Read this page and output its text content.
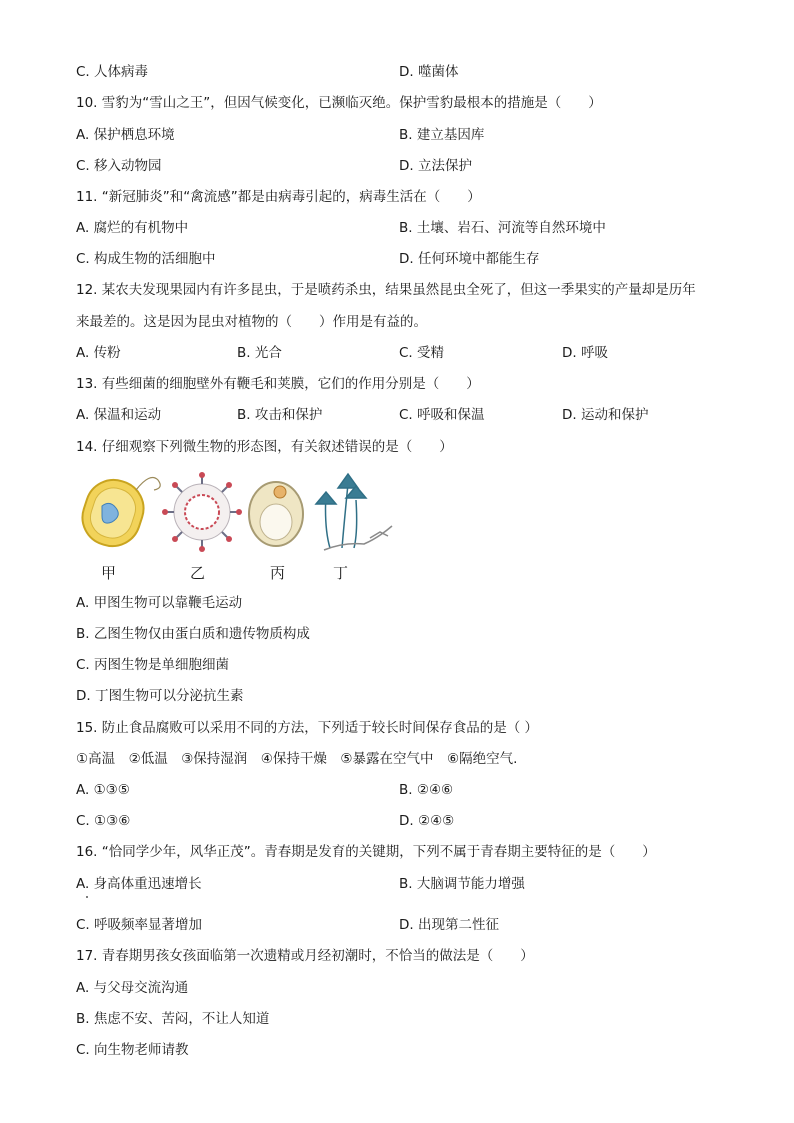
C. 人体病毒	D. 噬菌体
10. 雪豹为“雪山之王”，但因气候变化，已濒临灭绝。保护雪豹最根本的措施是（　　）
A. 保护栖息环境	B. 建立基因库
C. 移入动物园	D. 立法保护
11. “新冠肺炎”和“禽流感”都是由病毒引起的，病毒生活在（　　）
A. 腐烂的有机物中	B. 土壤、岩石、河流等自然环境中
C. 构成生物的活细胞中	D. 任何环境中都能生存
12. 某农夫发现果园内有许多昆虫，于是喷药杀虫，结果虽然昆虫全死了，但这一季果实的产量却是历年
来最差的。这是因为昆虫对植物的（　　）作用是有益的。
A. 传粉	B. 光合	C. 受精	D. 呼吸
13. 有些细菌的细胞壁外有鞭毛和荚膜，它们的作用分别是（　　）
A. 保温和运动	B. 攻击和保护	C. 呼吸和保温	D. 运动和保护
14. 仔细观察下列微生物的形态图，有关叙述错误的是（　　）
甲	乙	丙	丁
A. 甲图生物可以靠鞭毛运动
B. 乙图生物仅由蛋白质和遗传物质构成
C. 丙图生物是单细胞细菌
D. 丁图生物可以分泌抗生素
15. 防止食品腐败可以采用不同的方法，下列适于较长时间保存食品的是（ ）
①高温　②低温　③保持湿润　④保持干燥　⑤暴露在空气中　⑥隔绝空气.
A. ①③⑤	B. ②④⑥
C. ①③⑥	D. ②④⑤
16. “恰同学少年，风华正茂”。青春期是发育的关键期，下列不属于青春期主要特征的是（　　）
A. 身高体重迅速增长	B. 大脑调节能力增强
C. 呼吸频率显著增加	D. 出现第二性征
17. 青春期男孩女孩面临第一次遗精或月经初潮时，不恰当的做法是（　　）
A. 与父母交流沟通
B. 焦虑不安、苦闷，不让人知道
C. 向生物老师请教
